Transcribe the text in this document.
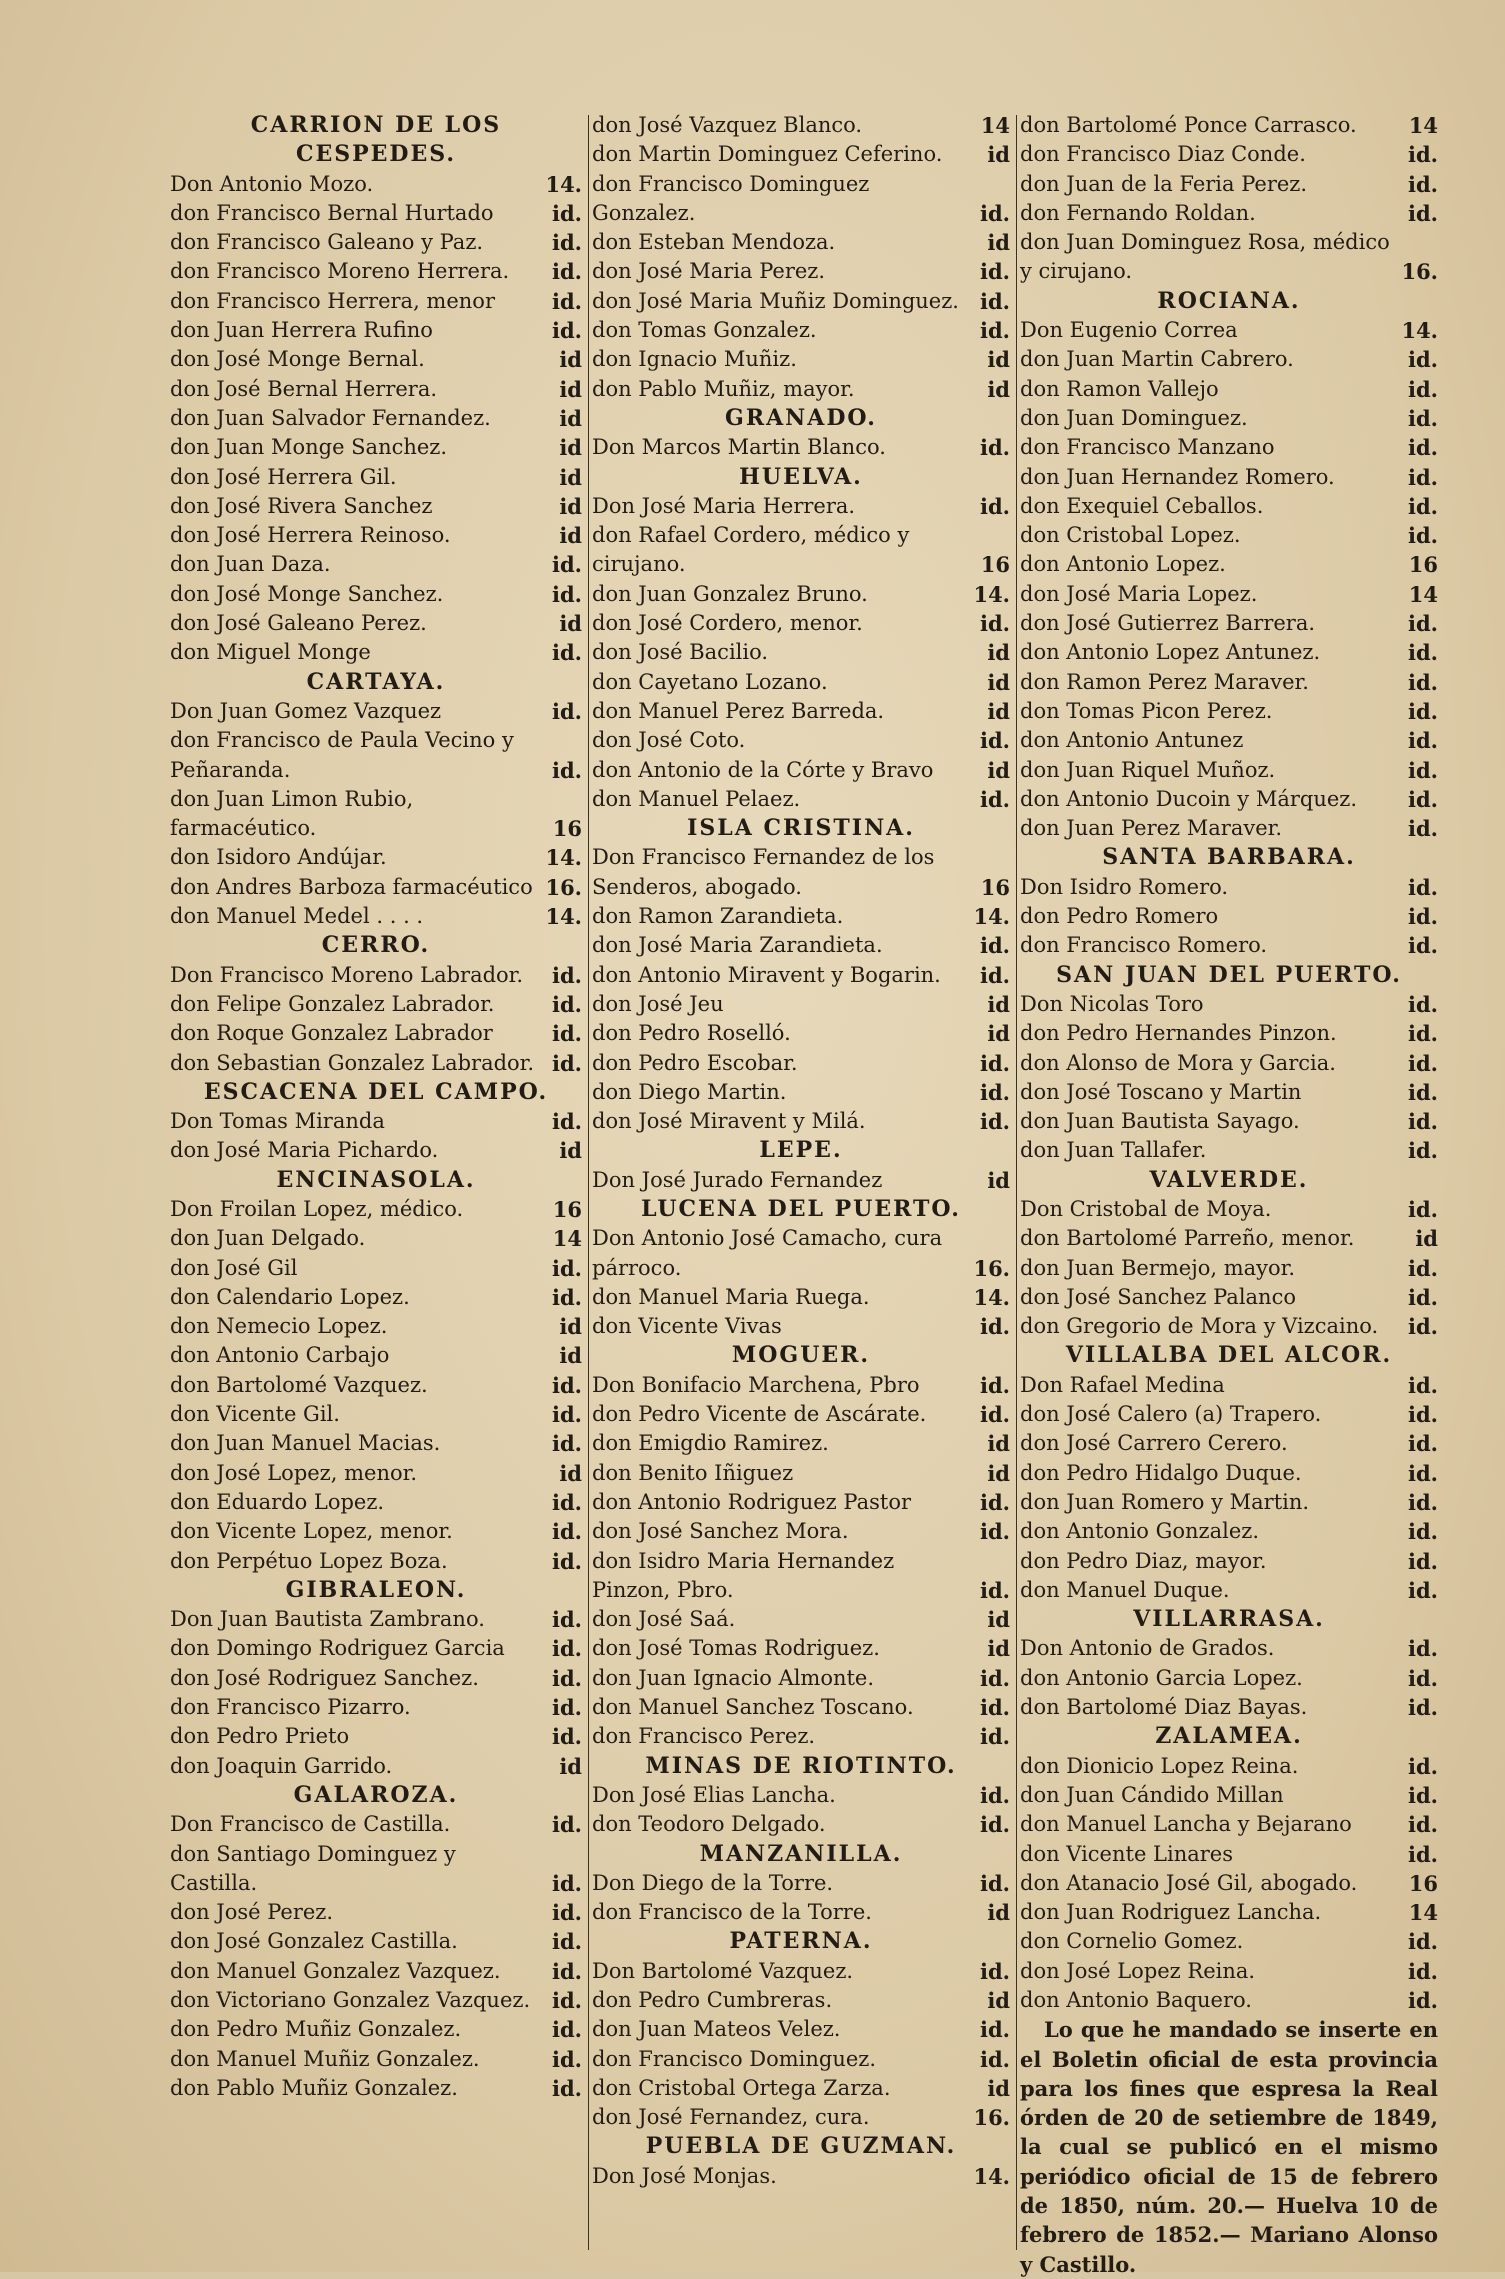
CARRION DE LOS CESPEDES.
Don Antonio Mozo.	14.
don Francisco Bernal Hurtado	id.
don Francisco Galeano y Paz.	id.
don Francisco Moreno Herrera.	id.
don Francisco Herrera, menor	id.
don Juan Herrera Rufino	id.
don José Monge Bernal.	id
don José Bernal Herrera.	id
don Juan Salvador Fernandez.	id
don Juan Monge Sanchez.	id
don José Herrera Gil.	id
don José Rivera Sanchez	id
don José Herrera Reinoso.	id
don Juan Daza.	id.
don José Monge Sanchez.	id.
don José Galeano Perez.	id
don Miguel Monge	id.
CARTAYA.
Don Juan Gomez Vazquez	id.
don Francisco de Paula Vecino y Peñaranda.	id.
don Juan Limon Rubio, farmacéutico.	16
don Isidoro Andújar.	14.
don Andres Barboza farmacéutico 16.
don Manuel Medel . . . .	14.
CERRO.
Don Francisco Moreno Labrador.	id.
don Felipe Gonzalez Labrador.	id.
don Roque Gonzalez Labrador	id.
don Sebastian Gonzalez Labrador. id.
ESCACENA DEL CAMPO.
Don Tomas Miranda	id.
don José Maria Pichardo.	id
ENCINASOLA.
Don Froilan Lopez, médico.	16
don Juan Delgado.	14
don José Gil	id.
don Calendario Lopez.	id.
don Nemecio Lopez.	id
don Antonio Carbajo	id
don Bartolomé Vazquez.	id.
don Vicente Gil.	id.
don Juan Manuel Macias.	id.
don José Lopez, menor.	id
don Eduardo Lopez.	id.
don Vicente Lopez, menor.	id.
don Perpétuo Lopez Boza.	id.
GIBRALEON.
Don Juan Bautista Zambrano.	id.
don Domingo Rodriguez Garcia	id.
don José Rodriguez Sanchez.	id.
don Francisco Pizarro.	id.
don Pedro Prieto	id.
don Joaquin Garrido.	id
GALAROZA.
Don Francisco de Castilla.	id.
don Santiago Dominguez y Castilla.	id.
don José Perez.	id.
don José Gonzalez Castilla.	id.
don Manuel Gonzalez Vazquez.	id.
don Victoriano Gonzalez Vazquez.	id.
don Pedro Muñiz Gonzalez.	id.
don Manuel Muñiz Gonzalez.	id.
don Pablo Muñiz Gonzalez.	id.
don José Vazquez Blanco.	14
don Martin Dominguez Ceferino.	id
don Francisco Dominguez Gonzalez.	id.
don Esteban Mendoza.	id
don José Maria Perez.	id.
don José Maria Muñiz Dominguez.	id.
don Tomas Gonzalez.	id.
don Ignacio Muñiz.	id
don Pablo Muñiz, mayor.	id
GRANADO.
Don Marcos Martin Blanco.	id.
HUELVA.
Don José Maria Herrera.	id.
don Rafael Cordero, médico y cirujano.	16
don Juan Gonzalez Bruno.	14.
don José Cordero, menor.	id.
don José Bacilio.	id
don Cayetano Lozano.	id
don Manuel Perez Barreda.	id
don José Coto.	id.
don Antonio de la Córte y Bravo	id
don Manuel Pelaez.	id.
ISLA CRISTINA.
Don Francisco Fernandez de los Senderos, abogado.	16
don Ramon Zarandieta.	14.
don José Maria Zarandieta.	id.
don Antonio Miravent y Bogarin.	id.
don José Jeu	id
don Pedro Roselló.	id
don Pedro Escobar.	id.
don Diego Martin.	id.
don José Miravent y Milá.	id.
LEPE.
Don José Jurado Fernandez	id
LUCENA DEL PUERTO.
Don Antonio José Camacho, cura párroco.	16.
don Manuel Maria Ruega.	14.
don Vicente Vivas	id.
MOGUER.
Don Bonifacio Marchena, Pbro	id.
don Pedro Vicente de Ascárate.	id.
don Emigdio Ramirez.	id
don Benito Iñiguez	id
don Antonio Rodriguez Pastor	id.
don José Sanchez Mora.	id.
don Isidro Maria Hernandez Pinzon, Pbro.	id.
don José Saá.	id
don José Tomas Rodriguez.	id
don Juan Ignacio Almonte.	id.
don Manuel Sanchez Toscano.	id.
don Francisco Perez.	id.
MINAS DE RIOTINTO.
Don José Elias Lancha.	id.
don Teodoro Delgado.	id.
MANZANILLA.
Don Diego de la Torre.	id.
don Francisco de la Torre.	id
PATERNA.
Don Bartolomé Vazquez.	id.
don Pedro Cumbreras.	id
don Juan Mateos Velez.	id.
don Francisco Dominguez.	id.
don Cristobal Ortega Zarza.	id
don José Fernandez, cura.	16.
PUEBLA DE GUZMAN.
Don José Monjas.	14.
don Bartolomé Ponce Carrasco.	14
don Francisco Diaz Conde.	id.
don Juan de la Feria Perez.	id.
don Fernando Roldan.	id.
don Juan Dominguez Rosa, médico y cirujano.	16.
ROCIANA.
Don Eugenio Correa	14.
don Juan Martin Cabrero.	id.
don Ramon Vallejo	id.
don Juan Dominguez.	id.
don Francisco Manzano	id.
don Juan Hernandez Romero.	id.
don Exequiel Ceballos.	id.
don Cristobal Lopez.	id.
don Antonio Lopez.	16
don José Maria Lopez.	14
don José Gutierrez Barrera.	id.
don Antonio Lopez Antunez.	id.
don Ramon Perez Maraver.	id.
don Tomas Picon Perez.	id.
don Antonio Antunez	id.
don Juan Riquel Muñoz.	id.
don Antonio Ducoin y Márquez.	id.
don Juan Perez Maraver.	id.
SANTA BARBARA.
Don Isidro Romero.	id.
don Pedro Romero	id.
don Francisco Romero.	id.
SAN JUAN DEL PUERTO.
Don Nicolas Toro	id.
don Pedro Hernandes Pinzon.	id.
don Alonso de Mora y Garcia.	id.
don José Toscano y Martin	id.
don Juan Bautista Sayago.	id.
don Juan Tallafer.	id.
VALVERDE.
Don Cristobal de Moya.	id.
don Bartolomé Parreño, menor.	id
don Juan Bermejo, mayor.	id.
don José Sanchez Palanco	id.
don Gregorio de Mora y Vizcaino.	id.
VILLALBA DEL ALCOR.
Don Rafael Medina	id.
don José Calero (a) Trapero.	id.
don José Carrero Cerero.	id.
don Pedro Hidalgo Duque.	id.
don Juan Romero y Martin.	id.
don Antonio Gonzalez.	id.
don Pedro Diaz, mayor.	id.
don Manuel Duque.	id.
VILLARRASA.
Don Antonio de Grados.	id.
don Antonio Garcia Lopez.	id.
don Bartolomé Diaz Bayas.	id.
ZALAMEA.
don Dionicio Lopez Reina.	id.
don Juan Cándido Millan	id.
don Manuel Lancha y Bejarano	id.
don Vicente Linares	id.
don Atanacio José Gil, abogado.	16
don Juan Rodriguez Lancha.	14
don Cornelio Gomez.	id.
don José Lopez Reina.	id.
don Antonio Baquero.	id.
Lo que he mandado se inserte en el Boletin oficial de esta provincia para los fines que espresa la Real órden de 20 de setiembre de 1849, la cual se publicó en el mismo periódico oficial de 15 de febrero de 1850, núm. 20.— Huelva 10 de febrero de 1852.— Mariano Alonso y Castillo.
